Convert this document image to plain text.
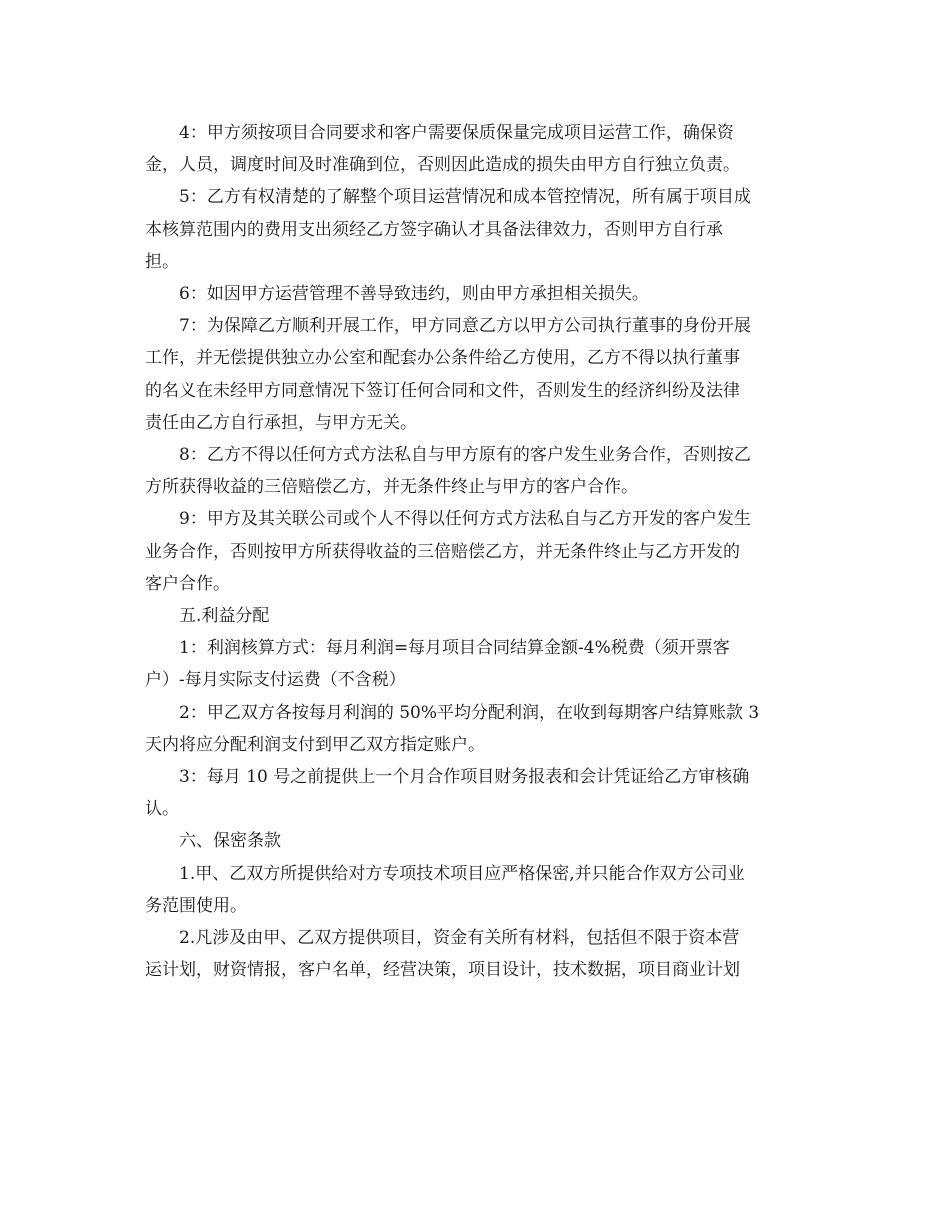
4：甲方须按项目合同要求和客户需要保质保量完成项目运营工作，确保资
金，人员，调度时间及时准确到位，否则因此造成的损失由甲方自行独立负责。

5：乙方有权清楚的了解整个项目运营情况和成本管控情况，所有属于项目成
本核算范围内的费用支出须经乙方签字确认才具备法律效力，否则甲方自行承
担。

6：如因甲方运营管理不善导致违约，则由甲方承担相关损失。

7：为保障乙方顺利开展工作，甲方同意乙方以甲方公司执行董事的身份开展
工作，并无偿提供独立办公室和配套办公条件给乙方使用，乙方不得以执行董事
的名义在未经甲方同意情况下签订任何合同和文件，否则发生的经济纠纷及法律
责任由乙方自行承担，与甲方无关。

8：乙方不得以任何方式方法私自与甲方原有的客户发生业务合作，否则按乙
方所获得收益的三倍赔偿乙方，并无条件终止与甲方的客户合作。

9：甲方及其关联公司或个人不得以任何方式方法私自与乙方开发的客户发生
业务合作，否则按甲方所获得收益的三倍赔偿乙方，并无条件终止与乙方开发的
客户合作。

五.利益分配

1：利润核算方式：每月利润=每月项目合同结算金额-4%税费（须开票客
户）-每月实际支付运费（不含税）

2：甲乙双方各按每月利润的 50%平均分配利润，在收到每期客户结算账款 3
天内将应分配利润支付到甲乙双方指定账户。

3：每月 10 号之前提供上一个月合作项目财务报表和会计凭证给乙方审核确
认。

六、保密条款

1.甲、乙双方所提供给对方专项技术项目应严格保密,并只能合作双方公司业
务范围使用。

2.凡涉及由甲、乙双方提供项目，资金有关所有材料，包括但不限于资本营
运计划，财资情报，客户名单，经营决策，项目设计，技术数据，项目商业计划
